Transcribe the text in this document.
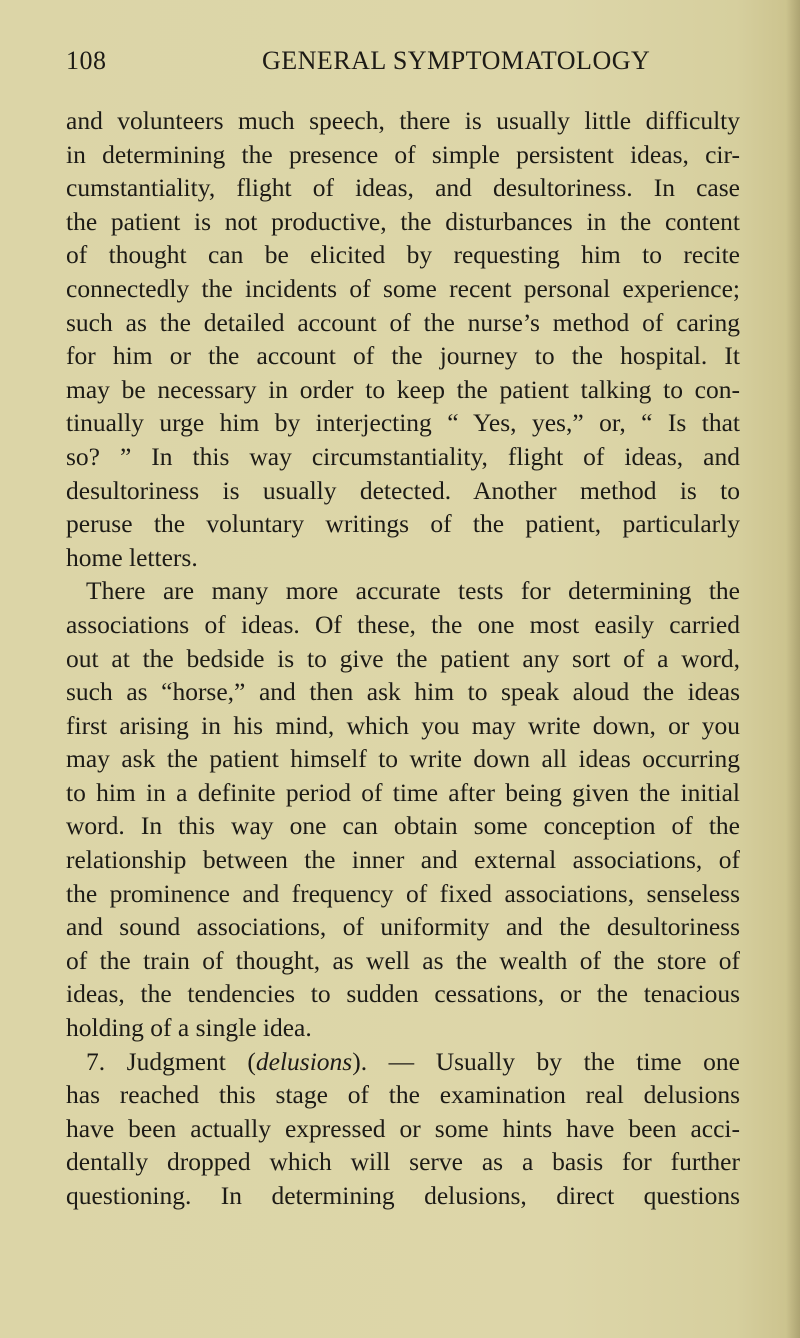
108	GENERAL SYMPTOMATOLOGY
and volunteers much speech, there is usually little difficulty
in determining the presence of simple persistent ideas, cir-
cumstantiality, flight of ideas, and desultoriness. In case
the patient is not productive, the disturbances in the content
of thought can be elicited by requesting him to recite
connectedly the incidents of some recent personal experience;
such as the detailed account of the nurse’s method of caring
for him or the account of the journey to the hospital. It
may be necessary in order to keep the patient talking to con-
tinually urge him by interjecting “ Yes, yes,” or, “ Is that
so? ” In this way circumstantiality, flight of ideas, and
desultoriness is usually detected. Another method is to
peruse the voluntary writings of the patient, particularly
home letters.
There are many more accurate tests for determining the
associations of ideas. Of these, the one most easily carried
out at the bedside is to give the patient any sort of a word,
such as “horse,” and then ask him to speak aloud the ideas
first arising in his mind, which you may write down, or you
may ask the patient himself to write down all ideas occurring
to him in a definite period of time after being given the initial
word. In this way one can obtain some conception of the
relationship between the inner and external associations, of
the prominence and frequency of fixed associations, senseless
and sound associations, of uniformity and the desultoriness
of the train of thought, as well as the wealth of the store of
ideas, the tendencies to sudden cessations, or the tenacious
holding of a single idea.
7. Judgment (delusions). — Usually by the time one
has reached this stage of the examination real delusions
have been actually expressed or some hints have been acci-
dentally dropped which will serve as a basis for further
questioning. In determining delusions, direct questions
